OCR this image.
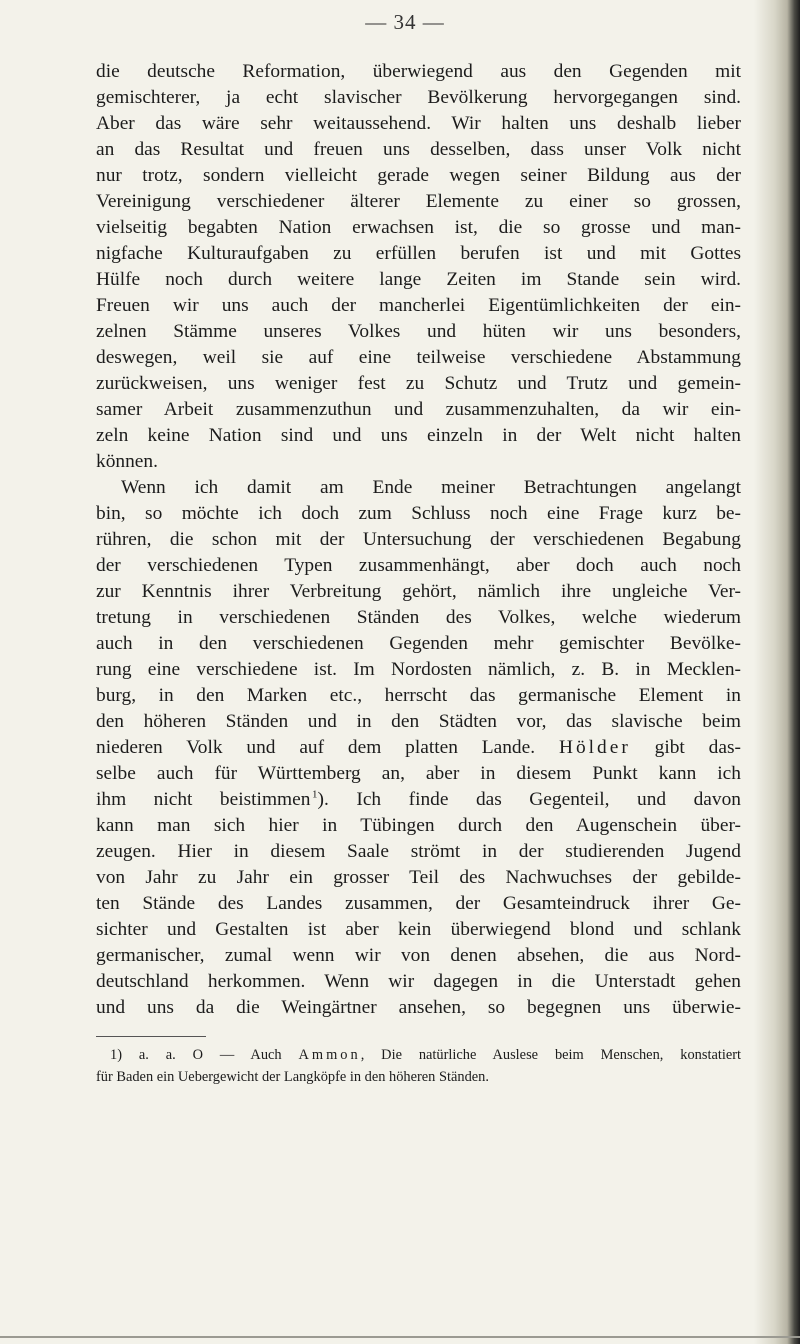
— 34 —
die deutsche Reformation, überwiegend aus den Gegenden mit
gemischterer, ja echt slavischer Bevölkerung hervorgegangen sind.
Aber das wäre sehr weitaussehend. Wir halten uns deshalb lieber
an das Resultat und freuen uns desselben, dass unser Volk nicht
nur trotz, sondern vielleicht gerade wegen seiner Bildung aus der
Vereinigung verschiedener älterer Elemente zu einer so grossen,
vielseitig begabten Nation erwachsen ist, die so grosse und man-
nigfache Kulturaufgaben zu erfüllen berufen ist und mit Gottes
Hülfe noch durch weitere lange Zeiten im Stande sein wird.
Freuen wir uns auch der mancherlei Eigentümlichkeiten der ein-
zelnen Stämme unseres Volkes und hüten wir uns besonders,
deswegen, weil sie auf eine teilweise verschiedene Abstammung
zurückweisen, uns weniger fest zu Schutz und Trutz und gemein-
samer Arbeit zusammenzuthun und zusammenzuhalten, da wir ein-
zeln keine Nation sind und uns einzeln in der Welt nicht halten
können.
Wenn ich damit am Ende meiner Betrachtungen angelangt
bin, so möchte ich doch zum Schluss noch eine Frage kurz be-
rühren, die schon mit der Untersuchung der verschiedenen Begabung
der verschiedenen Typen zusammenhängt, aber doch auch noch
zur Kenntnis ihrer Verbreitung gehört, nämlich ihre ungleiche Ver-
tretung in verschiedenen Ständen des Volkes, welche wiederum
auch in den verschiedenen Gegenden mehr gemischter Bevölke-
rung eine verschiedene ist. Im Nordosten nämlich, z. B. in Mecklen-
burg, in den Marken etc., herrscht das germanische Element in
den höheren Ständen und in den Städten vor, das slavische beim
niederen Volk und auf dem platten Lande. Hölder gibt das-
selbe auch für Württemberg an, aber in diesem Punkt kann ich
ihm nicht beistimmen  $^1$). Ich finde das Gegenteil, und davon
kann man sich hier in Tübingen durch den Augenschein über-
zeugen. Hier in diesem Saale strömt in der studierenden Jugend
von Jahr zu Jahr ein grosser Teil des Nachwuchses der gebilde-
ten Stände des Landes zusammen, der Gesamteindruck ihrer Ge-
sichter und Gestalten ist aber kein überwiegend blond und schlank
germanischer, zumal wenn wir von denen absehen, die aus Nord-
deutschland herkommen. Wenn wir dagegen in die Unterstadt gehen
und uns da die Weingärtner ansehen, so begegnen uns überwie-
1) a. a. O — Auch Ammon, Die natürliche Auslese beim Menschen, konstatiert
für Baden ein Uebergewicht der Langköpfe in den höheren Ständen.
